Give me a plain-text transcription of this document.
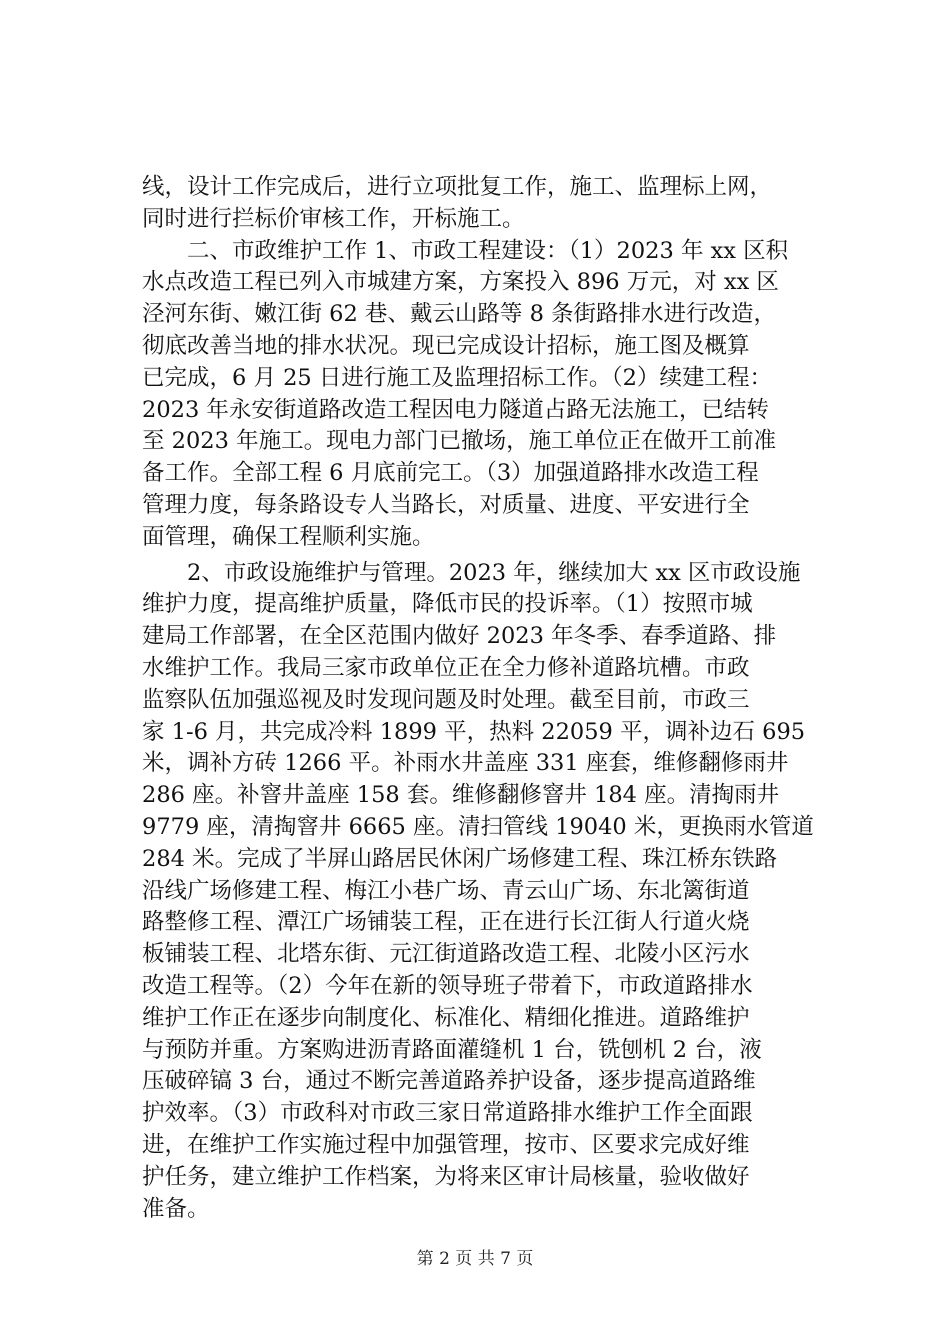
线，设计工作完成后，进行立项批复工作，施工、监理标上网，

同时进行拦标价审核工作，开标施工。

　　二、市政维护工作 1、市政工程建设：（1）2023 年 xx 区积

水点改造工程已列入市城建方案，方案投入 896 万元，对 xx 区

泾河东街、嫩江街 62 巷、戴云山路等 8 条街路排水进行改造，

彻底改善当地的排水状况。现已完成设计招标，施工图及概算

已完成，6 月 25 日进行施工及监理招标工作。（2）续建工程：

2023 年永安街道路改造工程因电力隧道占路无法施工，已结转

至 2023 年施工。现电力部门已撤场，施工单位正在做开工前准

备工作。全部工程 6 月底前完工。（3）加强道路排水改造工程

管理力度，每条路设专人当路长，对质量、进度、平安进行全

面管理，确保工程顺利实施。

　　2、市政设施维护与管理。2023 年，继续加大 xx 区市政设施

维护力度，提高维护质量，降低市民的投诉率。（1）按照市城

建局工作部署，在全区范围内做好 2023 年冬季、春季道路、排

水维护工作。我局三家市政单位正在全力修补道路坑槽。市政

监察队伍加强巡视及时发现问题及时处理。截至目前，市政三

家 1-6 月，共完成冷料 1899 平，热料 22059 平，调补边石 695

米，调补方砖 1266 平。补雨水井盖座 331 座套，维修翻修雨井

286 座。补窨井盖座 158 套。维修翻修窨井 184 座。清掏雨井

9779 座，清掏窨井 6665 座。清扫管线 19040 米，更换雨水管道

284 米。完成了半屏山路居民休闲广场修建工程、珠江桥东铁路

沿线广场修建工程、梅江小巷广场、青云山广场、东北篱街道

路整修工程、潭江广场铺装工程，正在进行长江街人行道火烧

板铺装工程、北塔东街、元江街道路改造工程、北陵小区污水

改造工程等。（2）今年在新的领导班子带着下，市政道路排水

维护工作正在逐步向制度化、标准化、精细化推进。道路维护

与预防并重。方案购进沥青路面灌缝机 1 台，铣刨机 2 台，液

压破碎镐 3 台，通过不断完善道路养护设备，逐步提高道路维

护效率。（3）市政科对市政三家日常道路排水维护工作全面跟

进，在维护工作实施过程中加强管理，按市、区要求完成好维

护任务，建立维护工作档案，为将来区审计局核量，验收做好

准备。

第 2 页 共 7 页
